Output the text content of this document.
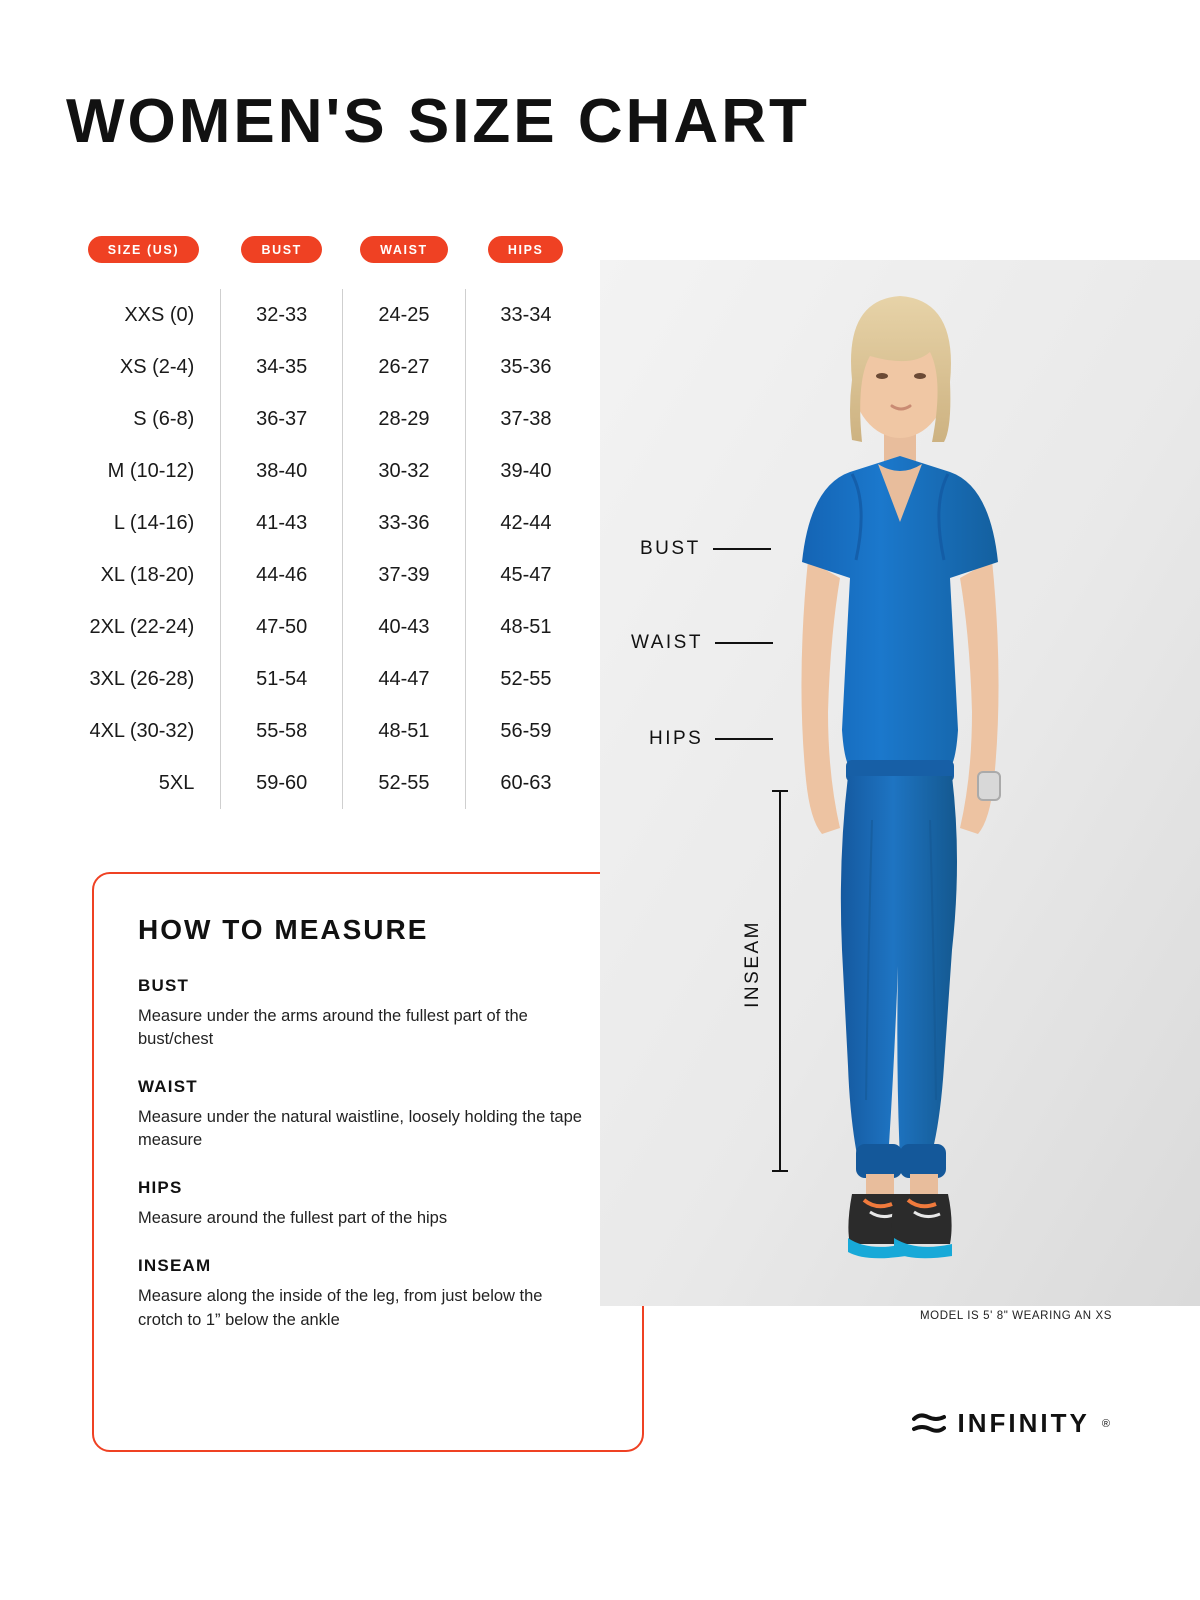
WOMEN'S SIZE CHART
SIZE (US)	BUST	WAIST	HIPS
XXS (0)	32-33	24-25	33-34
XS (2-4)	34-35	26-27	35-36
S (6-8)	36-37	28-29	37-38
M (10-12)	38-40	30-32	39-40
L (14-16)	41-43	33-36	42-44
XL (18-20)	44-46	37-39	45-47
2XL (22-24)	47-50	40-43	48-51
3XL (26-28)	51-54	44-47	52-55
4XL (30-32)	55-58	48-51	56-59
5XL	59-60	52-55	60-63
HOW TO MEASURE

BUST

Measure under the arms around the fullest part of the bust/chest

WAIST

Measure under the natural waistline, loosely holding the tape measure

HIPS

Measure around the fullest part of the hips

INSEAM

Measure along the inside of the leg, from just below the crotch to 1” below the ankle

BUST
WAIST
HIPS
INSEAM
MODEL IS 5' 8" WEARING AN XS
INFINITY ®
